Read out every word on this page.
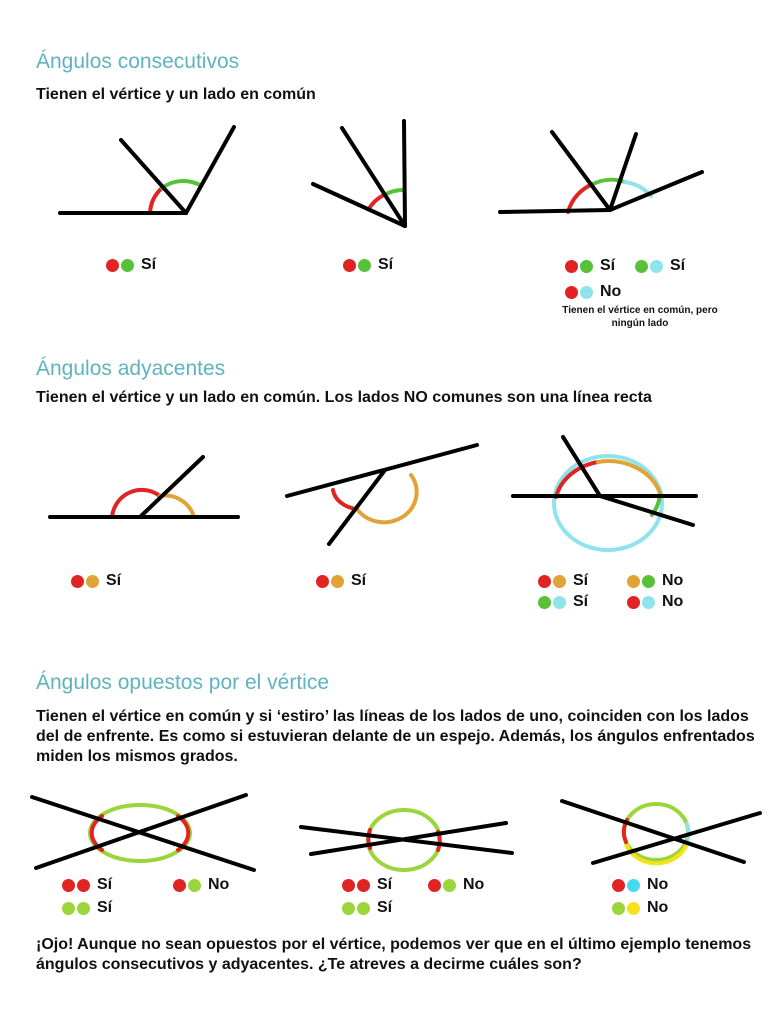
Ángulos consecutivos

Tienen el vértice y un lado en común

Ángulos adyacentes

Tienen el vértice y un lado en común. Los lados NO comunes son una línea recta

Ángulos opuestos por el vértice

Tienen el vértice en común y si ‘estiro’ las líneas de los lados de uno, coinciden con los lados del de enfrente. Es como si estuvieran delante de un espejo. Además, los ángulos enfrentados miden los mismos grados.

¡Ojo! Aunque no sean opuestos por el vértice, podemos ver que en el último ejemplo tenemos ángulos consecutivos y adyacentes. ¿Te atreves a decirme cuáles son?

Tienen el vértice en común, pero ningún lado
Sí	Sí	Sí	Sí
No
Sí	Sí	Sí	No
Sí	No
Sí	No
Sí
Sí	No
Sí
No
No
